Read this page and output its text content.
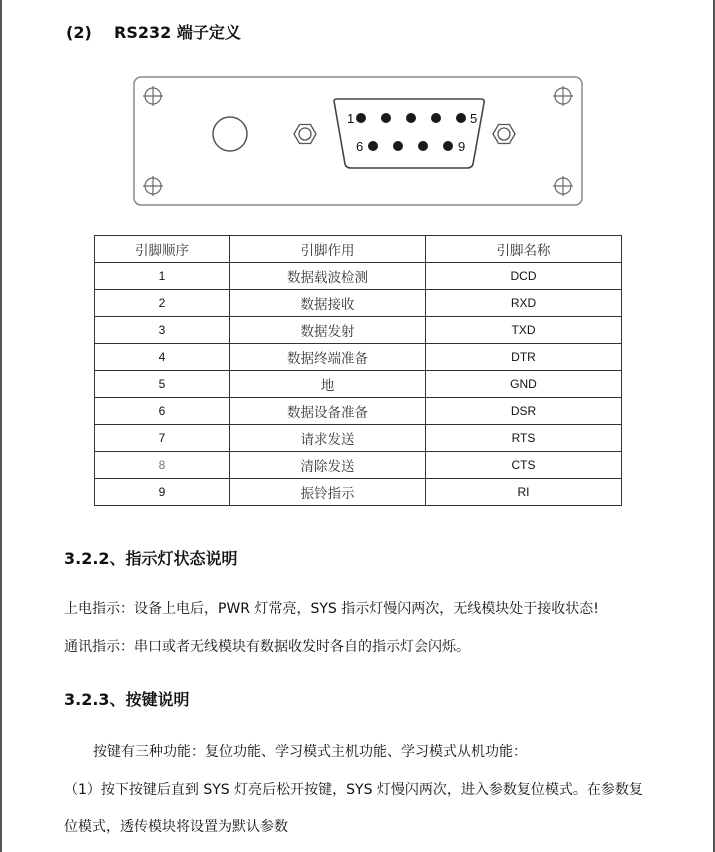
(2) RS232 端子定义
1	5
6	9
引脚顺序	引脚作用	引脚名称
1	数据载波检测	DCD
2	数据接收	RXD
3	数据发射	TXD
4	数据终端准备	DTR
5	地	GND
6	数据设备准备	DSR
7	请求发送	RTS
8	清除发送	CTS
9	振铃指示	RI
3.2.2、指示灯状态说明
上电指示：设备上电后，PWR 灯常亮，SYS 指示灯慢闪两次，无线模块处于接收状态!
通讯指示：串口或者无线模块有数据收发时各自的指示灯会闪烁。
3.2.3、按键说明
按键有三种功能：复位功能、学习模式主机功能、学习模式从机功能：
（1）按下按键后直到 SYS 灯亮后松开按键，SYS 灯慢闪两次，进入参数复位模式。在参数复
位模式，透传模块将设置为默认参数
